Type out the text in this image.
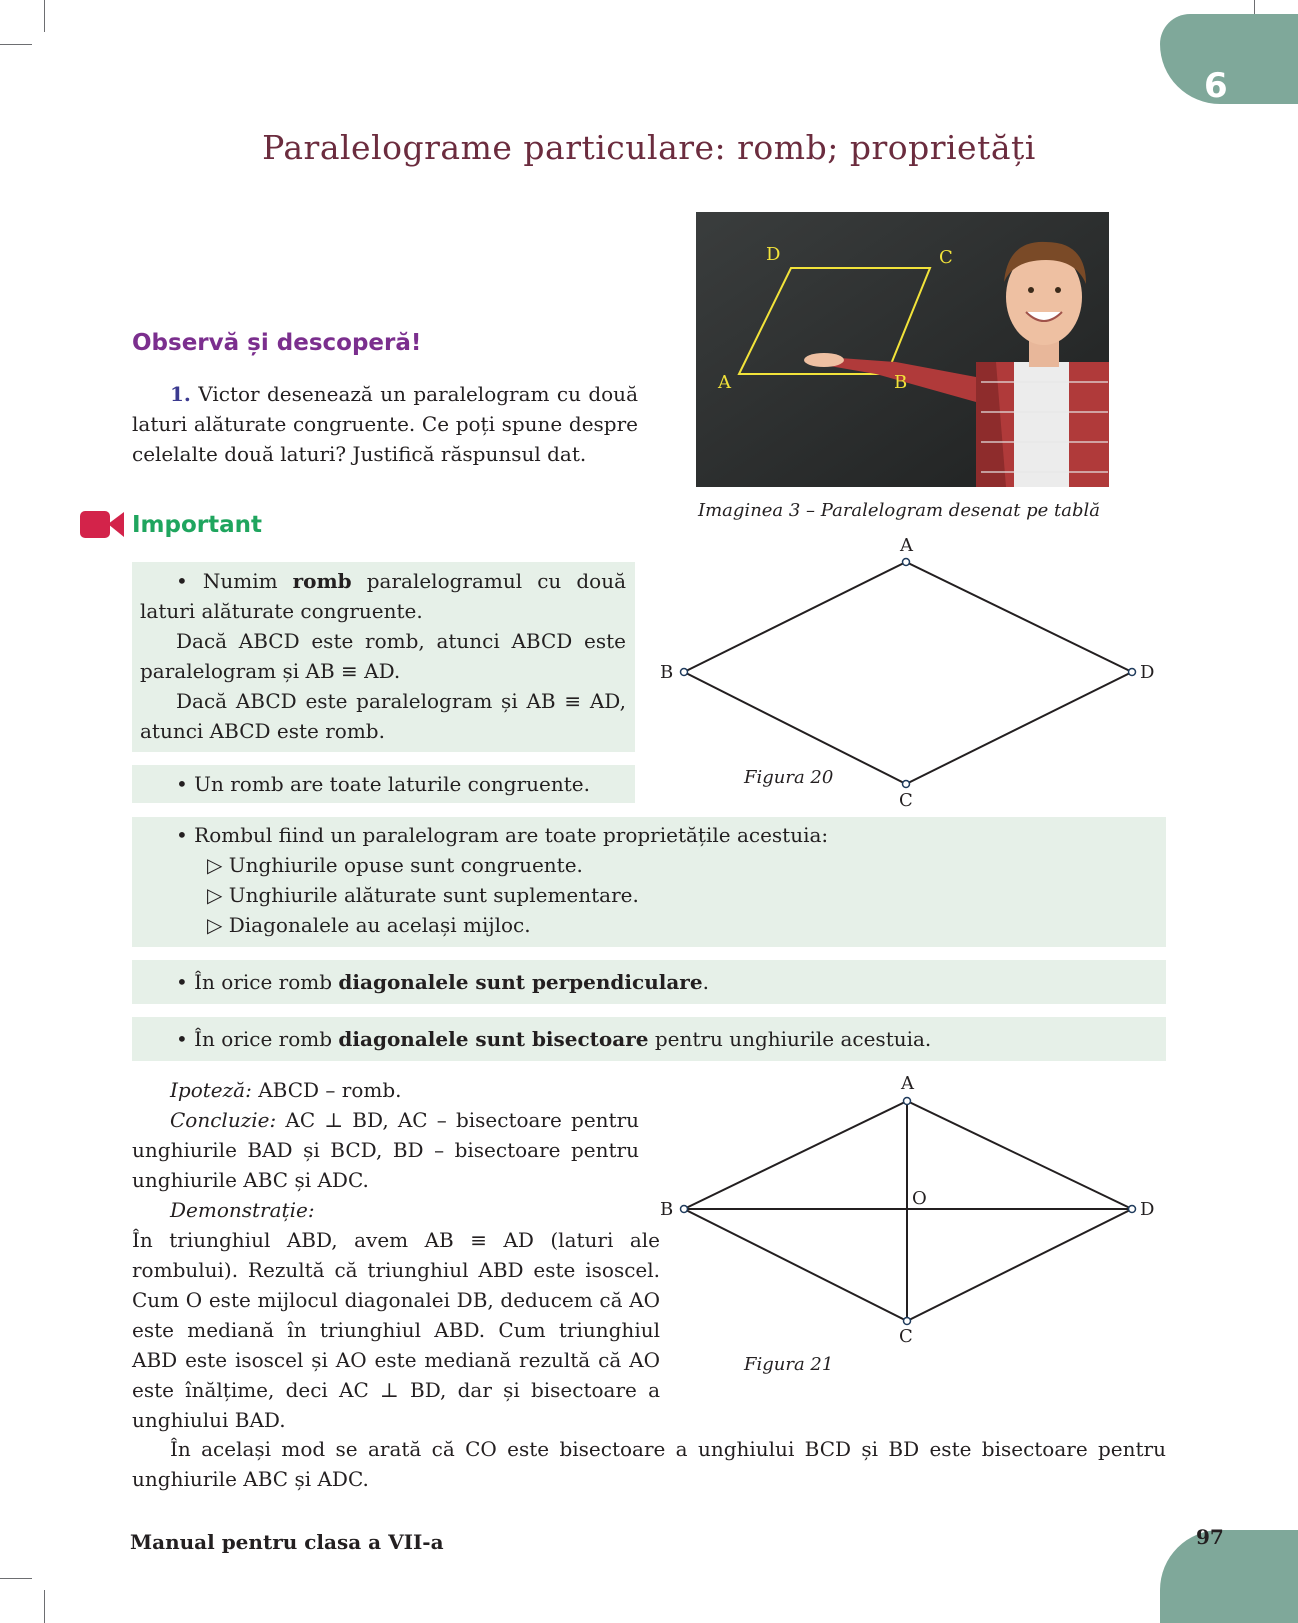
6
Paralelograme particulare: romb; proprietăți
D	C
A	B
Imaginea 3 – Paralelogram desenat pe tablă
Observă și descoperă!
1. Victor desenează un paralelogram cu două laturi alăturate congruente. Ce poți spune despre celelalte două laturi? Justifică răspunsul dat.
Important
• Numim romb paralelogramul cu două laturi alăturate congruente.
Dacă ABCD este romb, atunci ABCD este paralelogram și AB ≡ AD.
Dacă ABCD este paralelogram și AB ≡ AD, atunci ABCD este romb.
• Un romb are toate laturile congruente.
• Rombul fiind un paralelogram are toate proprietățile acestuia:
▷ Unghiurile opuse sunt congruente.
▷ Unghiurile alăturate sunt suplementare.
▷ Diagonalele au același mijloc.
• În orice romb diagonalele sunt perpendiculare.
• În orice romb diagonalele sunt bisectoare pentru unghiurile acestuia.
A
B
C
D
Figura 20
A
B
C
D
O
Figura 21
Ipoteză: ABCD – romb.
Concluzie: AC ⊥ BD, AC – bisectoare pentru unghiurile BAD și BCD, BD – bisectoare pentru unghiurile ABC și ADC.
Demonstrație:
În triunghiul ABD, avem AB ≡ AD (laturi ale rombului). Rezultă că triunghiul ABD este isoscel. Cum O este mijlocul diagonalei DB, deducem că AO este mediană în triunghiul ABD. Cum triunghiul ABD este isoscel și AO este mediană rezultă că AO este înălțime, deci AC ⊥ BD, dar și bisectoare a unghiului BAD.
În același mod se arată că CO este bisectoare a unghiului BCD și BD este bisectoare pentru unghiurile ABC și ADC.
Manual pentru clasa a VII-a	97
